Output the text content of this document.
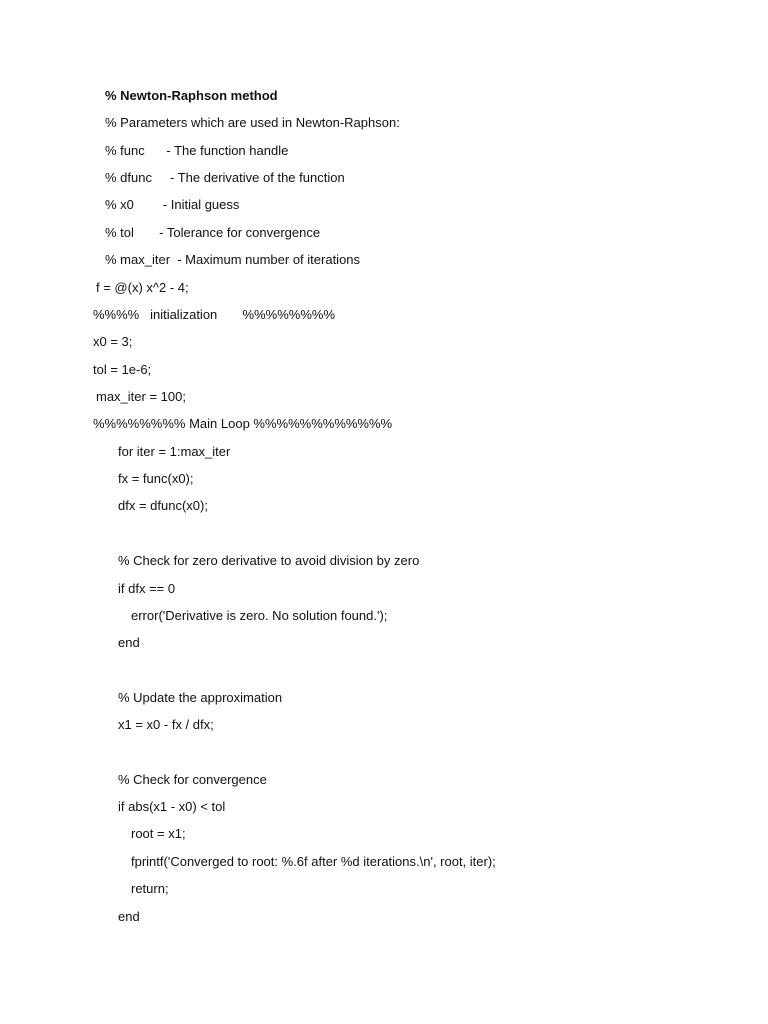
% Newton-Raphson method
% Parameters which are used in Newton-Raphson:
% func      - The function handle
% dfunc     - The derivative of the function
% x0        - Initial guess
% tol       - Tolerance for convergence
% max_iter  - Maximum number of iterations
f = @(x) x^2 - 4;
%%%%   initialization       %%%%%%%%
x0 = 3;
tol = 1e-6;
max_iter = 100;
%%%%%%%% Main Loop %%%%%%%%%%%%
for iter = 1:max_iter
fx = func(x0);
dfx = dfunc(x0);
% Check for zero derivative to avoid division by zero
if dfx == 0
error('Derivative is zero. No solution found.');
end
% Update the approximation
x1 = x0 - fx / dfx;
% Check for convergence
if abs(x1 - x0) < tol
root = x1;
fprintf('Converged to root: %.6f after %d iterations.\n', root, iter);
return;
end
